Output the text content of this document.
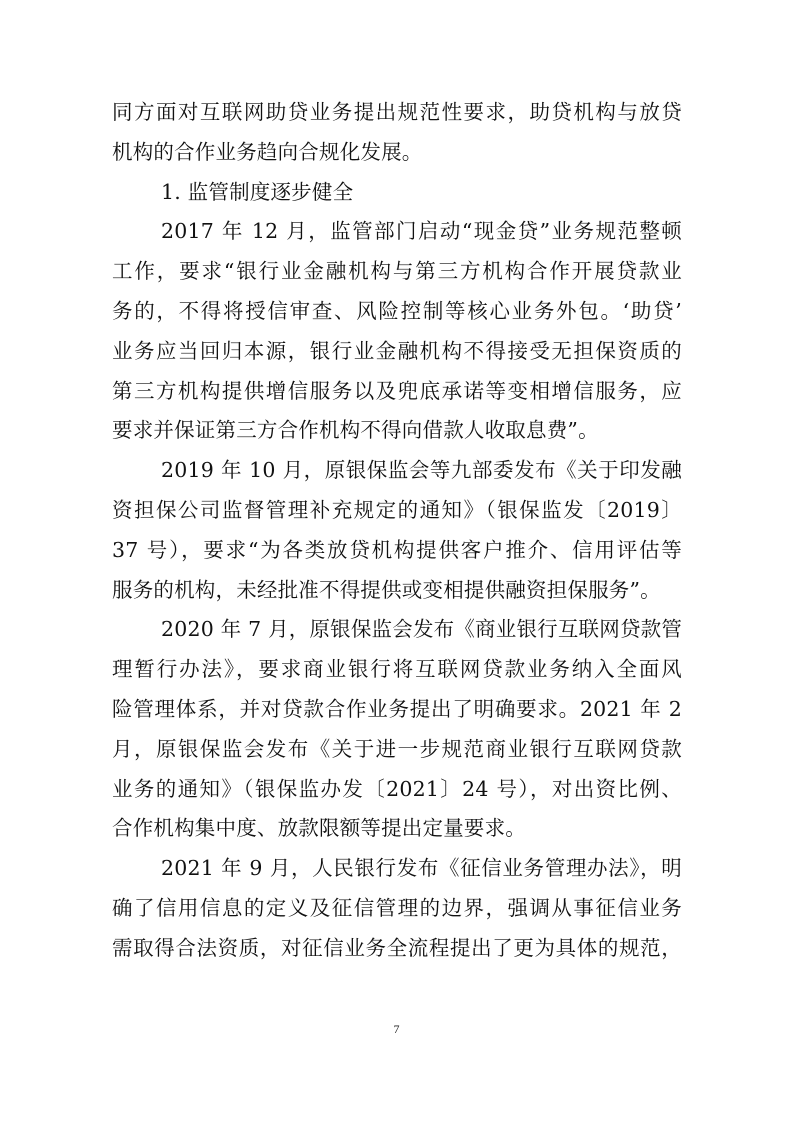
同方面对互联网助贷业务提出规范性要求，助贷机构与放贷
机构的合作业务趋向合规化发展。
1. 监管制度逐步健全
2017 年 12 月，监管部门启动“现金贷”业务规范整顿
工作，要求“银行业金融机构与第三方机构合作开展贷款业
务的，不得将授信审查、风险控制等核心业务外包。‘助贷’
业务应当回归本源，银行业金融机构不得接受无担保资质的
第三方机构提供增信服务以及兜底承诺等变相增信服务，应
要求并保证第三方合作机构不得向借款人收取息费”。
2019 年 10 月，原银保监会等九部委发布《关于印发融
资担保公司监督管理补充规定的通知》（银保监发〔2019〕
37 号），要求“为各类放贷机构提供客户推介、信用评估等
服务的机构，未经批准不得提供或变相提供融资担保服务”。
2020 年 7 月，原银保监会发布《商业银行互联网贷款管
理暂行办法》，要求商业银行将互联网贷款业务纳入全面风
险管理体系，并对贷款合作业务提出了明确要求。2021 年 2
月，原银保监会发布《关于进一步规范商业银行互联网贷款
业务的通知》（银保监办发〔2021〕24 号），对出资比例、
合作机构集中度、放款限额等提出定量要求。
2021 年 9 月，人民银行发布《征信业务管理办法》，明
确了信用信息的定义及征信管理的边界，强调从事征信业务
需取得合法资质，对征信业务全流程提出了更为具体的规范，
7
